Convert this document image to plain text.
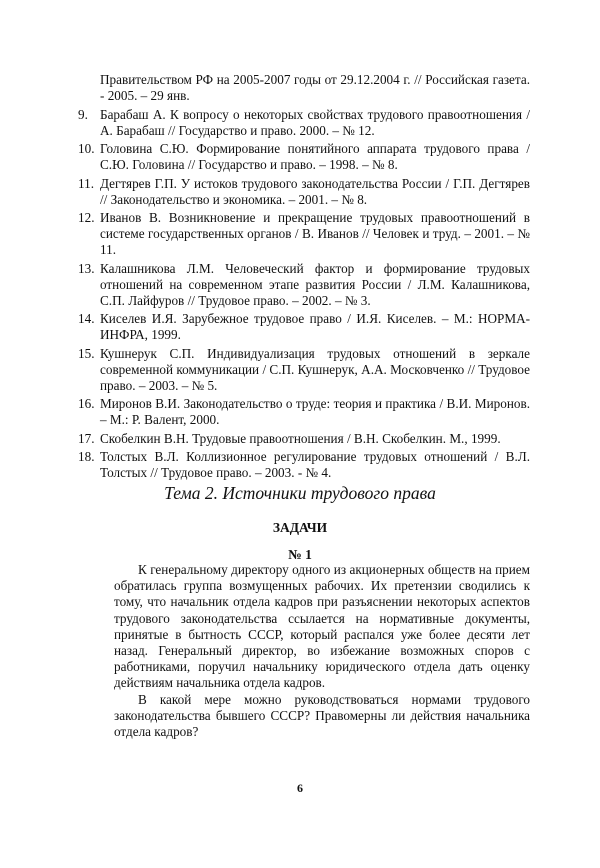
Правительством РФ на 2005-2007 годы от 29.12.2004 г. // Российская газета. - 2005. – 29 янв.
9. Барабаш А. К вопросу о некоторых свойствах трудового правоотношения / А. Барабаш // Государство и право. 2000. – № 12.
10. Головина С.Ю. Формирование понятийного аппарата трудового права / С.Ю. Головина // Государство и право. – 1998. – № 8.
11. Дегтярев Г.П. У истоков трудового законодательства России / Г.П. Дегтярев // Законодательство и экономика. – 2001. – № 8.
12. Иванов В. Возникновение и прекращение трудовых правоотношений в системе государственных органов / В. Иванов // Человек и труд. – 2001. – № 11.
13. Калашникова Л.М. Человеческий фактор и формирование трудовых отношений на современном этапе развития России / Л.М. Калашникова, С.П. Лайфуров // Трудовое право. – 2002. – № 3.
14. Киселев И.Я. Зарубежное трудовое право / И.Я. Киселев. – М.: НОРМА-ИНФРА, 1999.
15. Кушнерук С.П. Индивидуализация трудовых отношений в зеркале современной коммуникации / С.П. Кушнерук, А.А. Московченко // Трудовое право. – 2003. – № 5.
16. Миронов В.И. Законодательство о труде: теория и практика / В.И. Миронов. – М.: Р. Валент, 2000.
17. Скобелкин В.Н. Трудовые правоотношения / В.Н. Скобелкин. М., 1999.
18. Толстых В.Л. Коллизионное регулирование трудовых отношений / В.Л. Толстых // Трудовое право. – 2003. - № 4.
Тема 2. Источники трудового права
ЗАДАЧИ
№ 1

К генеральному директору одного из акционерных обществ на прием обратилась группа возмущенных рабочих. Их претензии сводились к тому, что начальник отдела кадров при разъяснении некоторых аспектов трудового законодательства ссылается на нормативные документы, принятые в бытность СССР, который распался уже более десяти лет назад. Генеральный директор, во избежание возможных споров с работниками, поручил начальнику юридического отдела дать оценку действиям начальника отдела кадров.

В какой мере можно руководствоваться нормами трудового законодательства бывшего СССР? Правомерны ли действия начальника отдела кадров?

6
